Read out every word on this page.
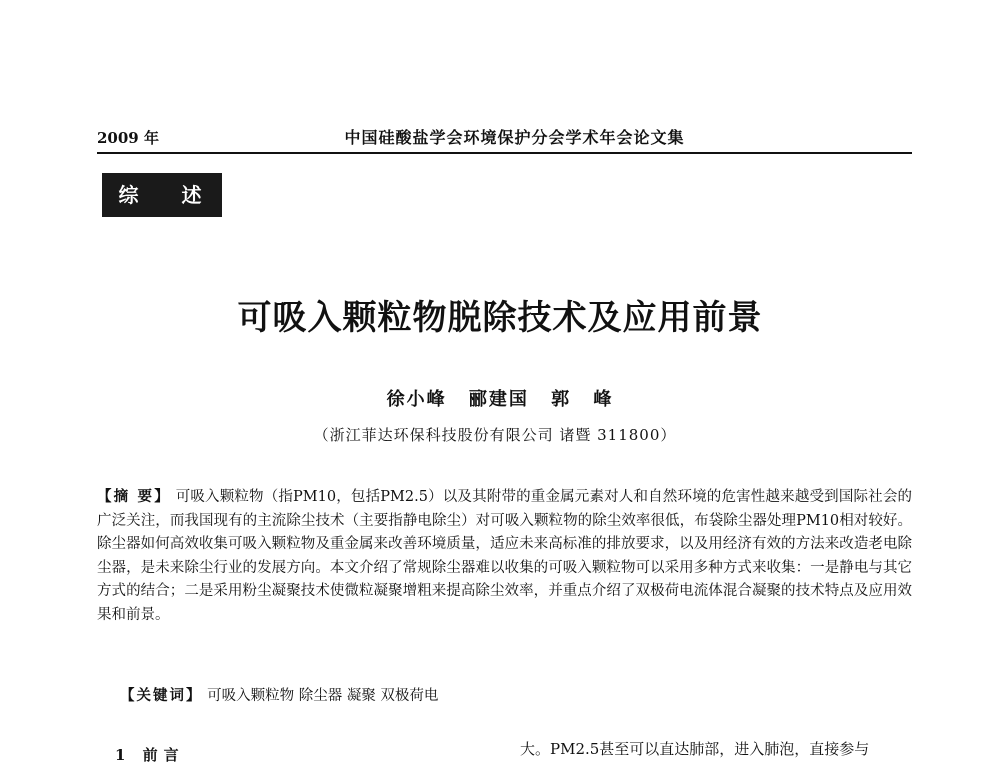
2009 年	中国硅酸盐学会环境保护分会学术年会论文集
综 述
可吸入颗粒物脱除技术及应用前景
徐小峰 郦建国 郭 峰
（浙江菲达环保科技股份有限公司 诸暨 311800）
【摘 要】 可吸入颗粒物（指PM10，包括PM2.5）以及其附带的重金属元素对人和自然环境的危害性越来越受到国际社会的广泛关注，而我国现有的主流除尘技术（主要指静电除尘）对可吸入颗粒物的除尘效率很低，布袋除尘器处理PM10相对较好。除尘器如何高效收集可吸入颗粒物及重金属来改善环境质量，适应未来高标准的排放要求，以及用经济有效的方法来改造老电除尘器，是未来除尘行业的发展方向。本文介绍了常规除尘器难以收集的可吸入颗粒物可以采用多种方式来收集：一是静电与其它方式的结合；二是采用粉尘凝聚技术使微粒凝聚增粗来提高除尘效率，并重点介绍了双极荷电流体混合凝聚的技术特点及应用效果和前景。
【关键词】 可吸入颗粒物 除尘器 凝聚 双极荷电
1 前言	大。PM2.5甚至可以直达肺部，进入肺泡，直接参与
